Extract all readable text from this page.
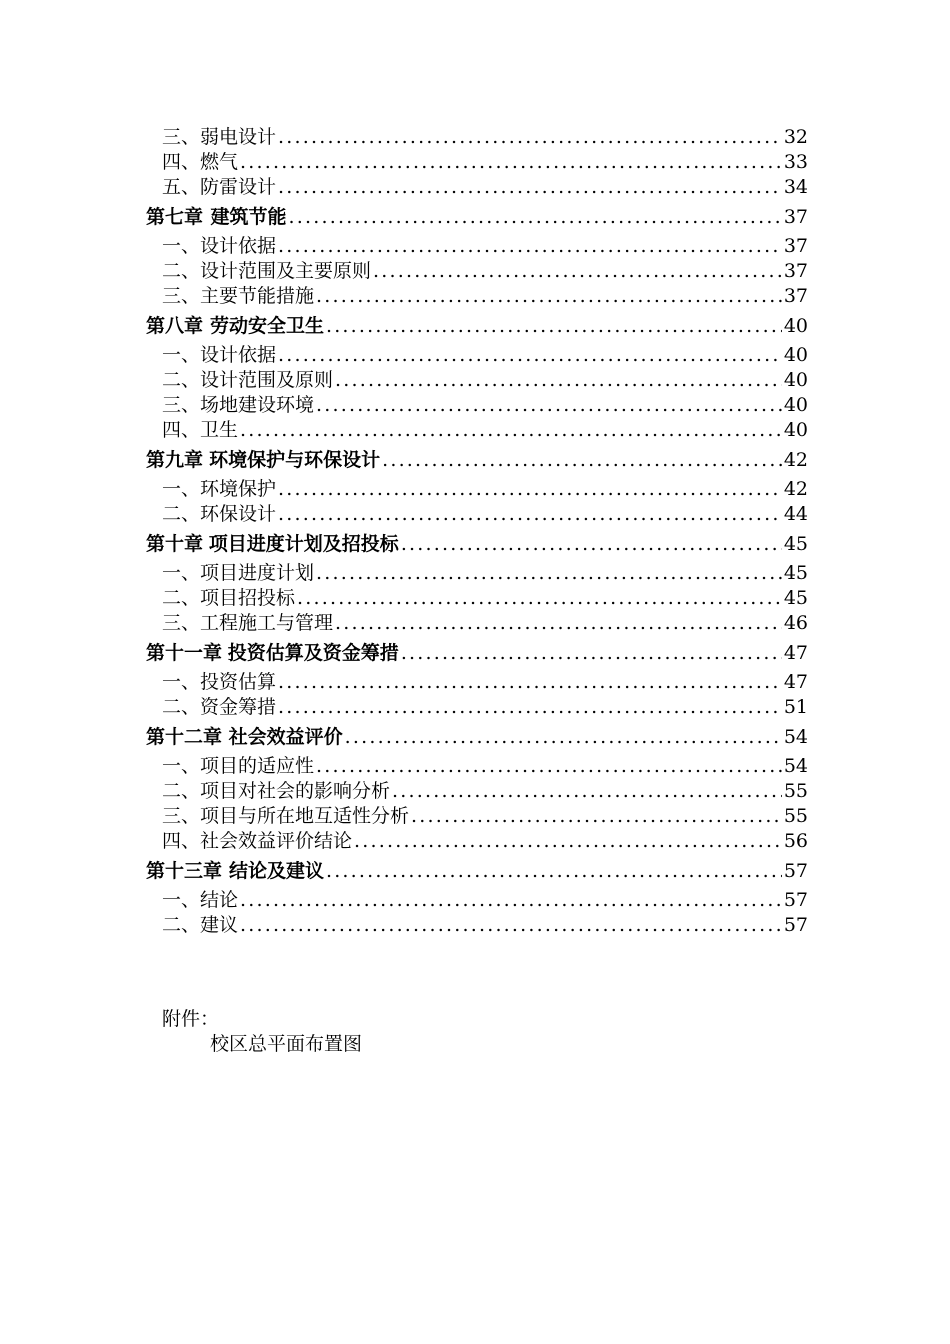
三、弱电设计 .....	32
四、燃气 .....	33
五、防雷设计 .....	34
第七章 建筑节能 .....	37
一、设计依据 .....	37
二、设计范围及主要原则 .....	37
三、主要节能措施 .....	37
第八章 劳动安全卫生 .....	40
一、设计依据 .....	40
二、设计范围及原则 .....	40
三、场地建设环境 .....	40
四、卫生 .....	40
第九章 环境保护与环保设计 .....	42
一、环境保护 .....	42
二、环保设计 .....	44
第十章 项目进度计划及招投标 .....	45
一、项目进度计划 .....	45
二、项目招投标 .....	45
三、工程施工与管理 .....	46
第十一章 投资估算及资金筹措 .....	47
一、投资估算 .....	47
二、资金筹措 .....	51
第十二章 社会效益评价 .....	54
一、项目的适应性 .....	54
二、项目对社会的影响分析 .....	55
三、项目与所在地互适性分析 .....	55
四、社会效益评价结论 .....	56
第十三章 结论及建议 .....	57
一、结论 .....	57
二、建议 .....	57
附件：
校区总平面布置图
